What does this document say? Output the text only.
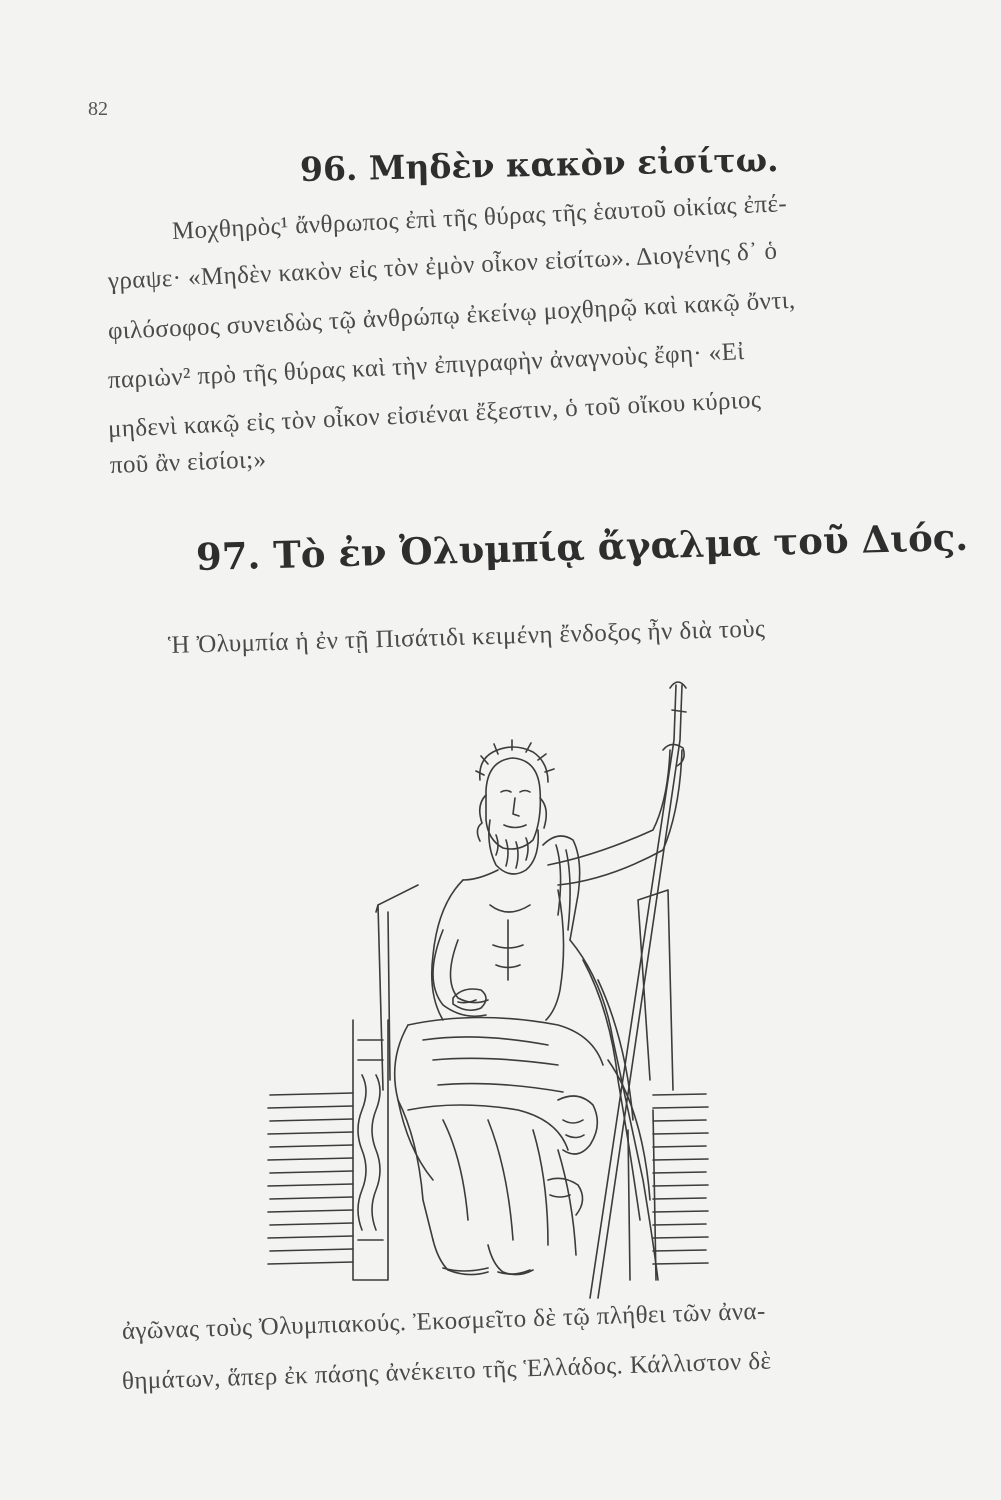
82
96. Μηδὲν κακὸν εἰσίτω.
Μοχθηρὸς¹ ἄνθρωπος ἐπὶ τῆς θύρας τῆς ἑαυτοῦ οἰκίας ἐπέ-
γραψε· «Μηδὲν κακὸν εἰς τὸν ἐμὸν οἶκον εἰσίτω». Διογένης δ᾽ ὁ
φιλόσοφος συνειδὼς τῷ ἀνθρώπῳ ἐκείνῳ μοχθηρῷ καὶ κακῷ ὄντι,
παριὼν² πρὸ τῆς θύρας καὶ τὴν ἐπιγραφὴν ἀναγνοὺς ἔφη· «Εἰ
μηδενὶ κακῷ εἰς τὸν οἶκον εἰσιέναι ἔξεστιν, ὁ τοῦ οἴκου κύριος
ποῦ ἂν εἰσίοι;»
97. Τὸ ἐν Ὀλυμπίᾳ ἄγαλμα τοῦ Διός.
Ἡ Ὀλυμπία ἡ ἐν τῇ Πισάτιδι κειμένη ἔνδοξος ἦν διὰ τοὺς
ἀγῶνας τοὺς Ὀλυμπιακούς. Ἐκοσμεῖτο δὲ τῷ πλήθει τῶν ἀνα-
θημάτων, ἅπερ ἐκ πάσης ἀνέκειτο τῆς Ἑλλάδος. Κάλλιστον δὲ
